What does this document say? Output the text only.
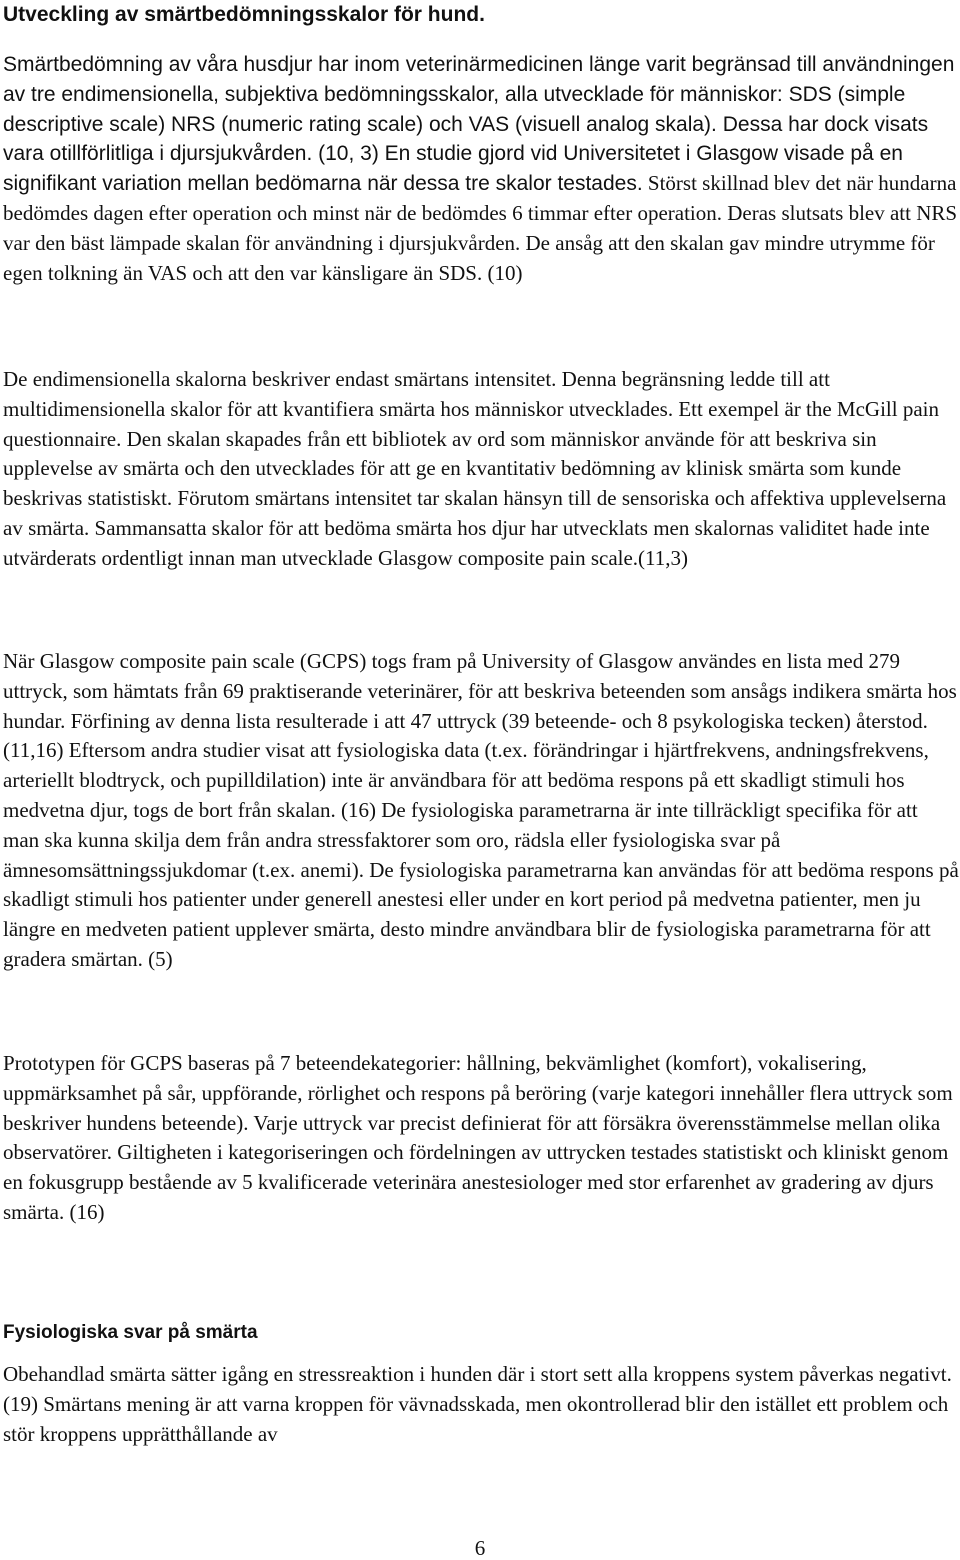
Utveckling av smärtbedömningsskalor för hund.

Smärtbedömning av våra husdjur har inom veterinärmedicinen länge varit begränsad till användningen av tre endimensionella, subjektiva bedömningsskalor, alla utvecklade för människor: SDS (simple descriptive scale) NRS (numeric rating scale) och VAS (visuell analog skala). Dessa har dock visats vara otillförlitliga i djursjukvården. (10, 3) En studie gjord vid Universitetet i Glasgow visade på en signifikant variation mellan bedömarna när dessa tre skalor testades. Störst skillnad blev det när hundarna bedömdes dagen efter operation och minst när de bedömdes 6 timmar efter operation. Deras slutsats blev att NRS var den bäst lämpade skalan för användning i djursjukvården. De ansåg att den skalan gav mindre utrymme för egen tolkning än VAS och att den var känsligare än SDS. (10)

De endimensionella skalorna beskriver endast smärtans intensitet. Denna begränsning ledde till att multidimensionella skalor för att kvantifiera smärta hos människor utvecklades. Ett exempel är the McGill pain questionnaire. Den skalan skapades från ett bibliotek av ord som människor använde för att beskriva sin upplevelse av smärta och den utvecklades för att ge en kvantitativ bedömning av klinisk smärta som kunde beskrivas statistiskt. Förutom smärtans intensitet tar skalan hänsyn till de sensoriska och affektiva upplevelserna av smärta. Sammansatta skalor för att bedöma smärta hos djur har utvecklats men skalornas validitet hade inte utvärderats ordentligt innan man utvecklade Glasgow composite pain scale.(11,3)

När Glasgow composite pain scale (GCPS) togs fram på University of Glasgow användes en lista med 279 uttryck, som hämtats från 69 praktiserande veterinärer, för att beskriva beteenden som ansågs indikera smärta hos hundar. Förfining av denna lista resulterade i att 47 uttryck (39 beteende- och 8 psykologiska tecken) återstod.(11,16) Eftersom andra studier visat att fysiologiska data (t.ex. förändringar i hjärtfrekvens, andningsfrekvens, arteriellt blodtryck, och pupilldilation) inte är användbara för att bedöma respons på ett skadligt stimuli hos medvetna djur, togs de bort från skalan. (16) De fysiologiska parametrarna är inte tillräckligt specifika för att man ska kunna skilja dem från andra stressfaktorer som oro, rädsla eller fysiologiska svar på ämnesomsättningssjukdomar (t.ex. anemi). De fysiologiska parametrarna kan användas för att bedöma respons på skadligt stimuli hos patienter under generell anestesi eller under en kort period på medvetna patienter, men ju längre en medveten patient upplever smärta, desto mindre användbara blir de fysiologiska parametrarna för att gradera smärtan. (5)

Prototypen för GCPS baseras på 7 beteendekategorier: hållning, bekvämlighet (komfort), vokalisering, uppmärksamhet på sår, uppförande, rörlighet och respons på beröring (varje kategori innehåller flera uttryck som beskriver hundens beteende). Varje uttryck var precist definierat för att försäkra överensstämmelse mellan olika observatörer. Giltigheten i kategoriseringen och fördelningen av uttrycken testades statistiskt och kliniskt genom en fokusgrupp bestående av 5 kvalificerade veterinära anestesiologer med stor erfarenhet av gradering av djurs smärta. (16)

Fysiologiska svar på smärta

Obehandlad smärta sätter igång en stressreaktion i hunden där i stort sett alla kroppens system påverkas negativt.(19) Smärtans mening är att varna kroppen för vävnadsskada, men okontrollerad blir den istället ett problem och stör kroppens upprätthållande av

6
